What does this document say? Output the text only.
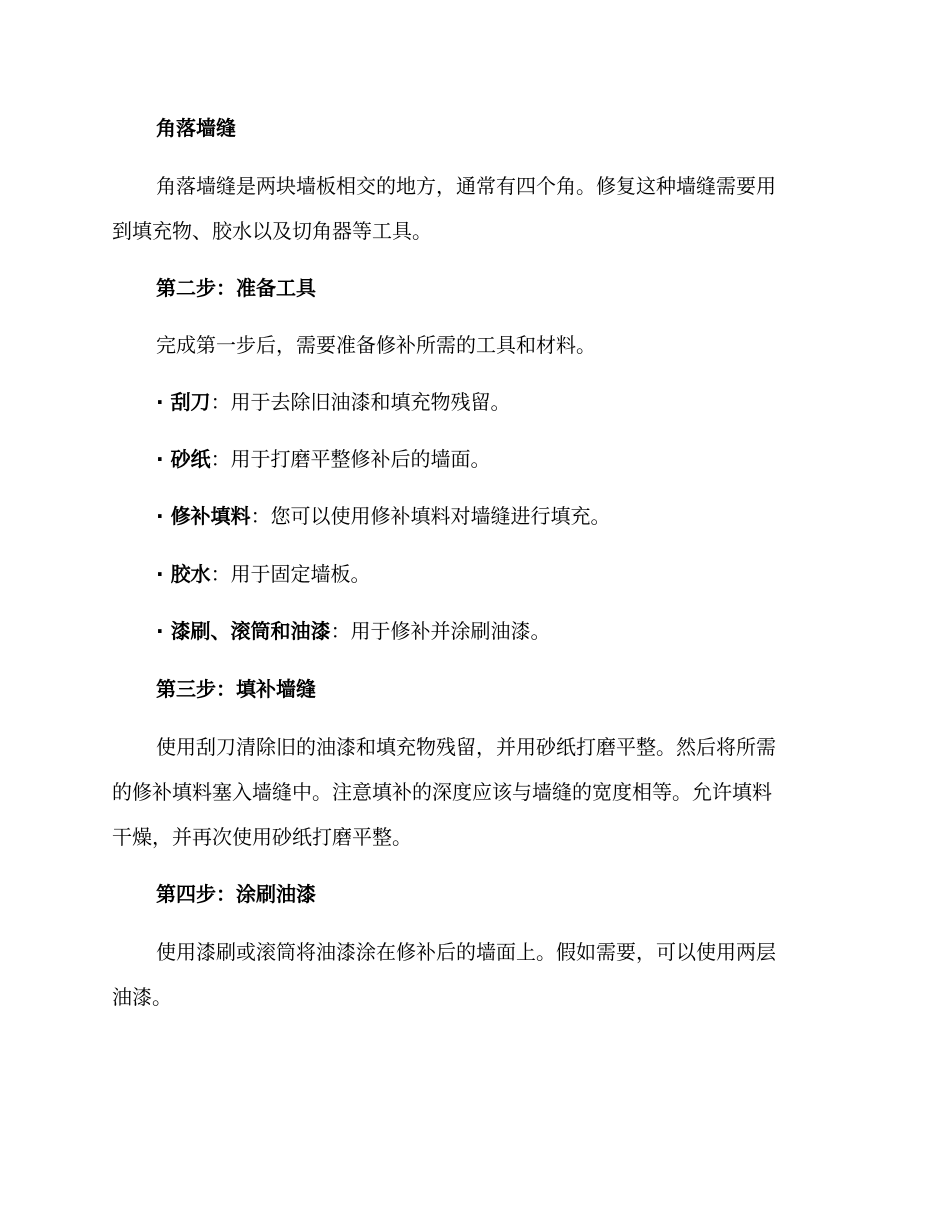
角落墙缝
角落墙缝是两块墙板相交的地方，通常有四个角。修复这种墙缝需要用
到填充物、胶水以及切角器等工具。
第二步：准备工具
完成第一步后，需要准备修补所需的工具和材料。
· 刮刀：用于去除旧油漆和填充物残留。
· 砂纸：用于打磨平整修补后的墙面。
· 修补填料：您可以使用修补填料对墙缝进行填充。
· 胶水：用于固定墙板。
· 漆刷、滚筒和油漆：用于修补并涂刷油漆。
第三步：填补墙缝
使用刮刀清除旧的油漆和填充物残留，并用砂纸打磨平整。然后将所需
的修补填料塞入墙缝中。注意填补的深度应该与墙缝的宽度相等。允许填料
干燥，并再次使用砂纸打磨平整。
第四步：涂刷油漆
使用漆刷或滚筒将油漆涂在修补后的墙面上。假如需要，可以使用两层
油漆。
